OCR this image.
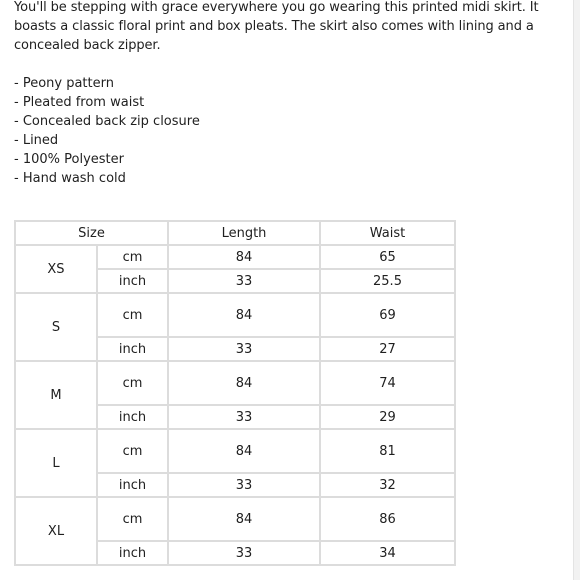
You'll be stepping with grace everywhere you go wearing this printed midi skirt. It boasts a classic floral print and box pleats. The skirt also comes with lining and a concealed back zipper.

- Peony pattern
- Pleated from waist
- Concealed back zip closure
- Lined
- 100% Polyester
- Hand wash cold
Size		Length	Waist
XS	cm	84	65
	inch	33	25.5
S	cm	84	69
	inch	33	27
M	cm	84	74
	inch	33	29
L	cm	84	81
	inch	33	32
XL	cm	84	86
	inch	33	34
